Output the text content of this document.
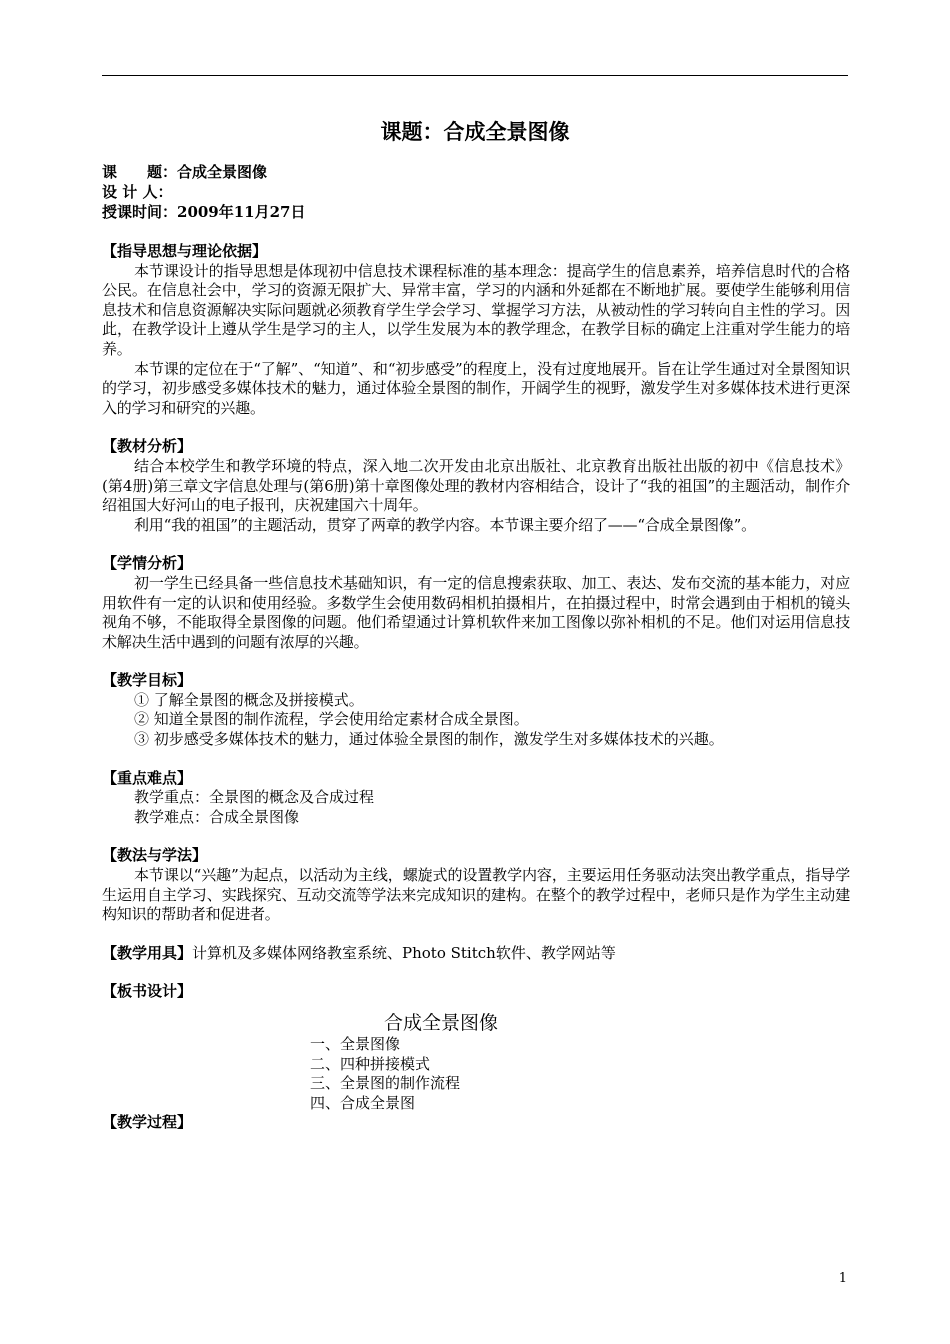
课题：合成全景图像
课　　题：合成全景图像
设 计 人：
授课时间：2009年11月27日
【指导思想与理论依据】
本节课设计的指导思想是体现初中信息技术课程标准的基本理念：提高学生的信息素养，培养信息时代的合格公民。在信息社会中，学习的资源无限扩大、异常丰富，学习的内涵和外延都在不断地扩展。要使学生能够利用信息技术和信息资源解决实际问题就必须教育学生学会学习、掌握学习方法，从被动性的学习转向自主性的学习。因此，在教学设计上遵从学生是学习的主人，以学生发展为本的教学理念，在教学目标的确定上注重对学生能力的培养。
本节课的定位在于“了解”、“知道”、和“初步感受”的程度上，没有过度地展开。旨在让学生通过对全景图知识的学习，初步感受多媒体技术的魅力，通过体验全景图的制作，开阔学生的视野，激发学生对多媒体技术进行更深入的学习和研究的兴趣。
【教材分析】
结合本校学生和教学环境的特点，深入地二次开发由北京出版社、北京教育出版社出版的初中《信息技术》(第4册)第三章文字信息处理与(第6册)第十章图像处理的教材内容相结合，设计了“我的祖国”的主题活动，制作介绍祖国大好河山的电子报刊，庆祝建国六十周年。
利用“我的祖国”的主题活动，贯穿了两章的教学内容。本节课主要介绍了——“合成全景图像”。
【学情分析】
初一学生已经具备一些信息技术基础知识，有一定的信息搜索获取、加工、表达、发布交流的基本能力，对应用软件有一定的认识和使用经验。多数学生会使用数码相机拍摄相片，在拍摄过程中，时常会遇到由于相机的镜头视角不够，不能取得全景图像的问题。他们希望通过计算机软件来加工图像以弥补相机的不足。他们对运用信息技术解决生活中遇到的问题有浓厚的兴趣。
【教学目标】
① 了解全景图的概念及拼接模式。
② 知道全景图的制作流程，学会使用给定素材合成全景图。
③ 初步感受多媒体技术的魅力，通过体验全景图的制作，激发学生对多媒体技术的兴趣。
【重点难点】
教学重点：全景图的概念及合成过程
教学难点：合成全景图像
【教法与学法】
本节课以“兴趣”为起点，以活动为主线，螺旋式的设置教学内容，主要运用任务驱动法突出教学重点，指导学生运用自主学习、实践探究、互动交流等学法来完成知识的建构。在整个的教学过程中，老师只是作为学生主动建构知识的帮助者和促进者。
【教学用具】计算机及多媒体网络教室系统、Photo Stitch软件、教学网站等
【板书设计】
合成全景图像
一、全景图像
二、四种拼接模式
三、全景图的制作流程
四、合成全景图
【教学过程】
1
